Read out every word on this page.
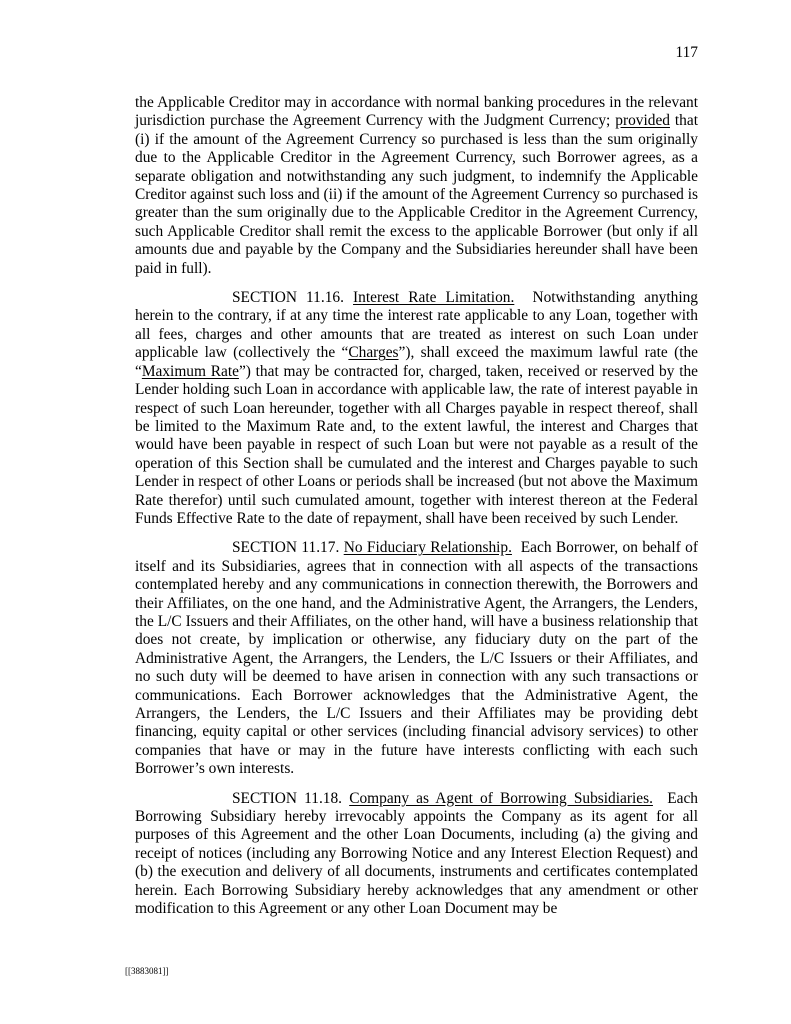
117

the Applicable Creditor may in accordance with normal banking procedures in the relevant jurisdiction purchase the Agreement Currency with the Judgment Currency; provided that (i) if the amount of the Agreement Currency so purchased is less than the sum originally due to the Applicable Creditor in the Agreement Currency, such Borrower agrees, as a separate obligation and notwithstanding any such judgment, to indemnify the Applicable Creditor against such loss and (ii) if the amount of the Agreement Currency so purchased is greater than the sum originally due to the Applicable Creditor in the Agreement Currency, such Applicable Creditor shall remit the excess to the applicable Borrower (but only if all amounts due and payable by the Company and the Subsidiaries hereunder shall have been paid in full).

SECTION 11.16. Interest Rate Limitation.  Notwithstanding anything herein to the contrary, if at any time the interest rate applicable to any Loan, together with all fees, charges and other amounts that are treated as interest on such Loan under applicable law (collectively the “Charges”), shall exceed the maximum lawful rate (the “Maximum Rate”) that may be contracted for, charged, taken, received or reserved by the Lender holding such Loan in accordance with applicable law, the rate of interest payable in respect of such Loan hereunder, together with all Charges payable in respect thereof, shall be limited to the Maximum Rate and, to the extent lawful, the interest and Charges that would have been payable in respect of such Loan but were not payable as a result of the operation of this Section shall be cumulated and the interest and Charges payable to such Lender in respect of other Loans or periods shall be increased (but not above the Maximum Rate therefor) until such cumulated amount, together with interest thereon at the Federal Funds Effective Rate to the date of repayment, shall have been received by such Lender.

SECTION 11.17. No Fiduciary Relationship.  Each Borrower, on behalf of itself and its Subsidiaries, agrees that in connection with all aspects of the transactions contemplated hereby and any communications in connection therewith, the Borrowers and their Affiliates, on the one hand, and the Administrative Agent, the Arrangers, the Lenders, the L/C Issuers and their Affiliates, on the other hand, will have a business relationship that does not create, by implication or otherwise, any fiduciary duty on the part of the Administrative Agent, the Arrangers, the Lenders, the L/C Issuers or their Affiliates, and no such duty will be deemed to have arisen in connection with any such transactions or communications. Each Borrower acknowledges that the Administrative Agent, the Arrangers, the Lenders, the L/C Issuers and their Affiliates may be providing debt financing, equity capital or other services (including financial advisory services) to other companies that have or may in the future have interests conflicting with each such Borrower’s own interests.

SECTION 11.18. Company as Agent of Borrowing Subsidiaries.  Each Borrowing Subsidiary hereby irrevocably appoints the Company as its agent for all purposes of this Agreement and the other Loan Documents, including (a) the giving and receipt of notices (including any Borrowing Notice and any Interest Election Request) and (b) the execution and delivery of all documents, instruments and certificates contemplated herein. Each Borrowing Subsidiary hereby acknowledges that any amendment or other modification to this Agreement or any other Loan Document may be

[[3883081]]
